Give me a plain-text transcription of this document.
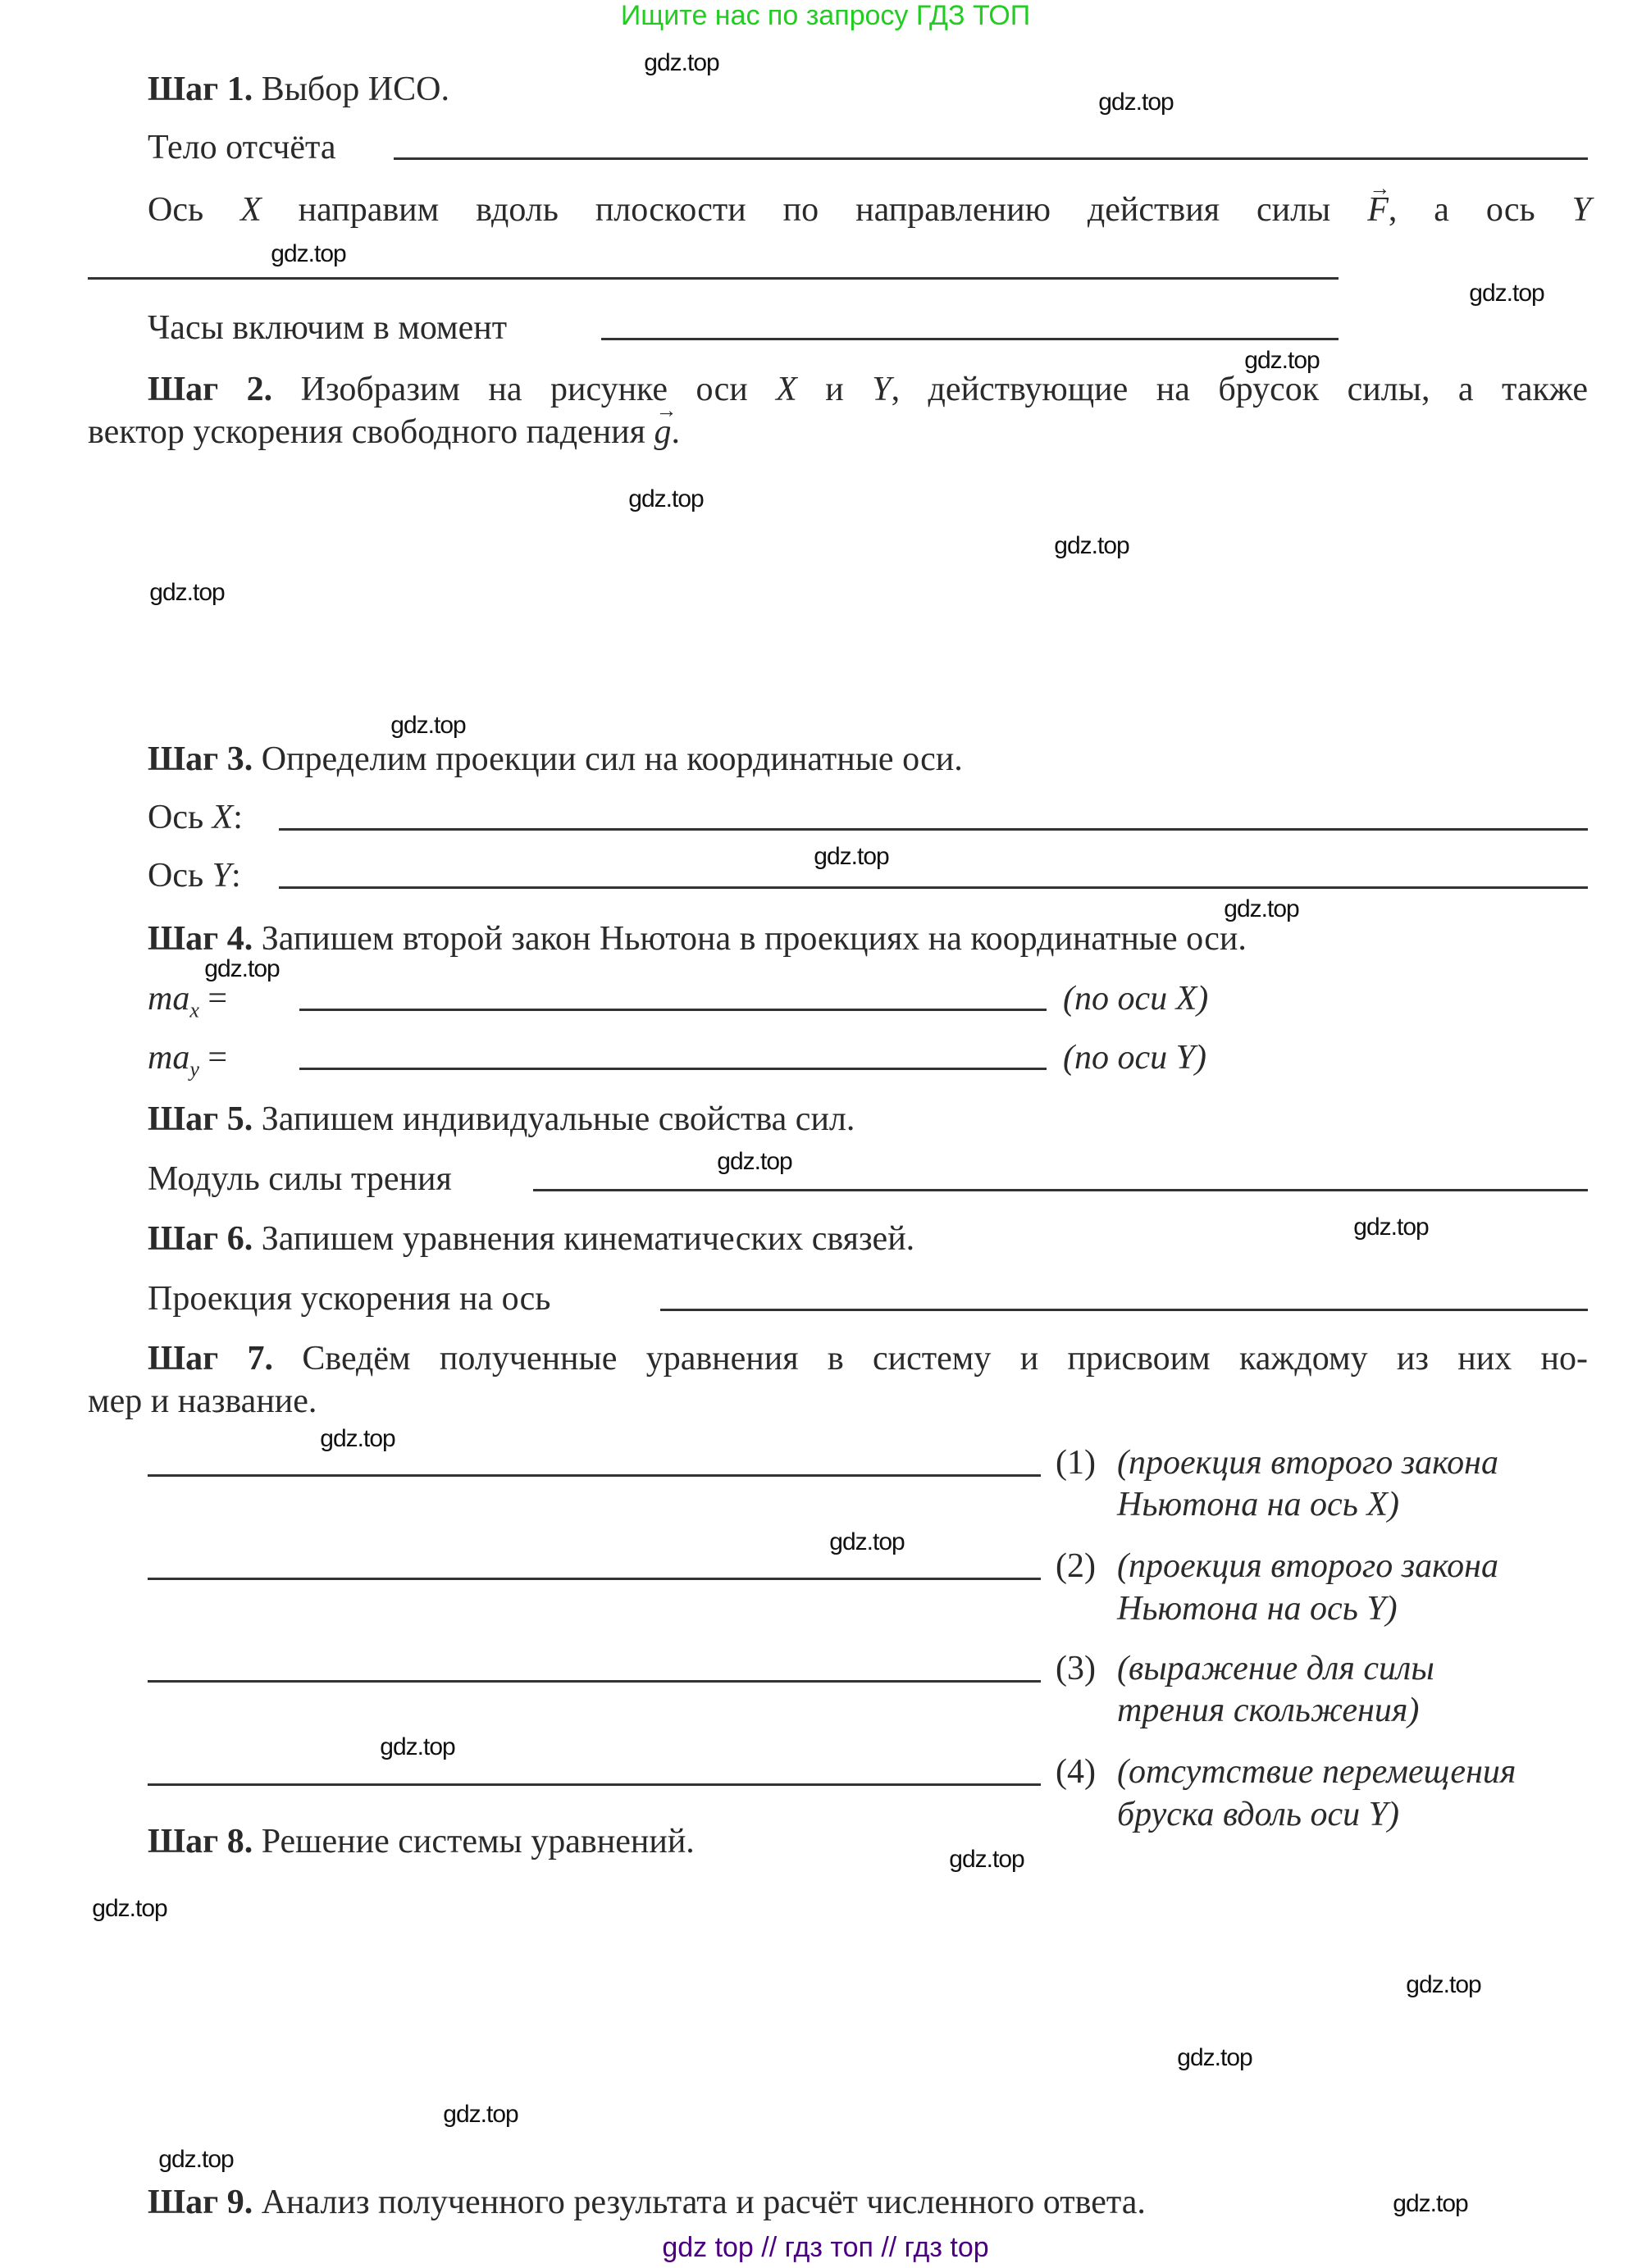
Ищите нас по запросу ГДЗ ТОП
Шаг 1. Выбор ИСО.
Тело отсчёта
Ось X направим вдоль плоскости по направлению действия силы → F, а ось Y
Часы включим в момент
Шаг 2. Изобразим на рисунке оси X и Y, действующие на брусок силы, а также
вектор ускорения свободного падения → g.
Шаг 3. Определим проекции сил на координатные оси.
Ось X:
Ось Y:
Шаг 4. Запишем второй закон Ньютона в проекциях на координатные оси.
$ma_x$ =	(по оси X)
$ma_y$ =	(по оси Y)
Шаг 5. Запишем индивидуальные свойства сил.
Модуль силы трения
Шаг 6. Запишем уравнения кинематических связей.
Проекция ускорения на ось
Шаг 7. Сведём полученные уравнения в систему и присвоим каждому из них но-
мер и название.
(1) (проекция второго закона
Ньютона на ось X)
(2) (проекция второго закона
Ньютона на ось Y)
(3) (выражение для силы
трения скольжения)
(4) (отсутствие перемещения
бруска вдоль оси Y)
Шаг 8. Решение системы уравнений.
Шаг 9. Анализ полученного результата и расчёт численного ответа.
gdz.top
gdz.top
gdz.top
gdz.top
gdz.top
gdz.top
gdz.top
gdz.top
gdz.top
gdz.top
gdz.top
gdz.top
gdz.top
gdz.top
gdz.top
gdz.top
gdz.top
gdz.top
gdz.top
gdz.top
gdz.top
gdz.top
gdz.top
gdz.top
gdz top // гдз топ // гдз top
